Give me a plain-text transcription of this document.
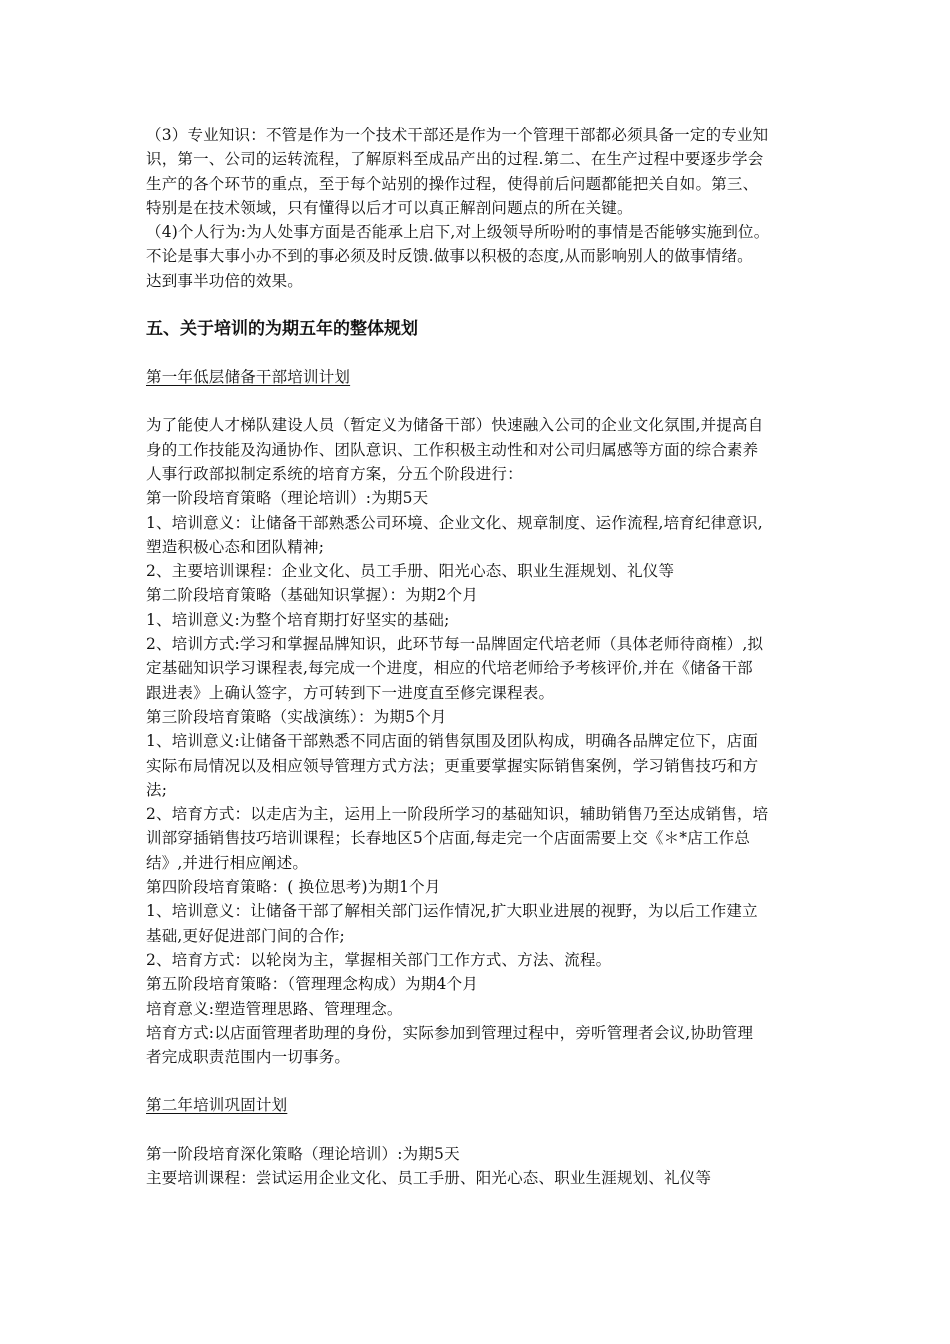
（3）专业知识：不管是作为一个技术干部还是作为一个管理干部都必须具备一定的专业知
识，第一、公司的运转流程，了解原料至成品产出的过程.第二、在生产过程中要逐步学会
生产的各个环节的重点，至于每个站别的操作过程，使得前后问题都能把关自如。第三、
特别是在技术领域，只有懂得以后才可以真正解剖问题点的所在关键。
（4)个人行为:为人处事方面是否能承上启下,对上级领导所吩咐的事情是否能够实施到位。
不论是事大事小办不到的事必须及时反馈.做事以积极的态度,从而影响别人的做事情绪。
达到事半功倍的效果。
五、关于培训的为期五年的整体规划
第一年低层储备干部培训计划
为了能使人才梯队建设人员（暂定义为储备干部）快速融入公司的企业文化氛围,并提高自
身的工作技能及沟通协作、团队意识、工作积极主动性和对公司归属感等方面的综合素养
人事行政部拟制定系统的培育方案，分五个阶段进行：
第一阶段培育策略（理论培训）:为期5天
1、培训意义：让储备干部熟悉公司环境、企业文化、规章制度、运作流程,培育纪律意识,
塑造积极心态和团队精神;
2、主要培训课程：企业文化、员工手册、阳光心态、职业生涯规划、礼仪等
第二阶段培育策略（基础知识掌握）：为期2个月
1、培训意义:为整个培育期打好坚实的基础;
2、培训方式:学习和掌握品牌知识，此环节每一品牌固定代培老师（具体老师待商榷）,拟
定基础知识学习课程表,每完成一个进度，相应的代培老师给予考核评价,并在《储备干部
跟进表》上确认签字，方可转到下一进度直至修完课程表。
第三阶段培育策略（实战演练）：为期5个月
1、培训意义:让储备干部熟悉不同店面的销售氛围及团队构成，明确各品牌定位下，店面
实际布局情况以及相应领导管理方式方法；更重要掌握实际销售案例，学习销售技巧和方
法;
2、培育方式：以走店为主，运用上一阶段所学习的基础知识，辅助销售乃至达成销售，培
训部穿插销售技巧培训课程；长春地区5个店面,每走完一个店面需要上交《＊*店工作总
结》,并进行相应阐述。
第四阶段培育策略：( 换位思考)为期1个月
1、培训意义：让储备干部了解相关部门运作情况,扩大职业进展的视野，为以后工作建立
基础,更好促进部门间的合作;
2、培育方式：以轮岗为主，掌握相关部门工作方式、方法、流程。
第五阶段培育策略：（管理理念构成）为期4个月
培育意义:塑造管理思路、管理理念。
培育方式:以店面管理者助理的身份，实际参加到管理过程中，旁听管理者会议,协助管理
者完成职责范围内一切事务。
第二年培训巩固计划
第一阶段培育深化策略（理论培训）:为期5天
主要培训课程：尝试运用企业文化、员工手册、阳光心态、职业生涯规划、礼仪等
